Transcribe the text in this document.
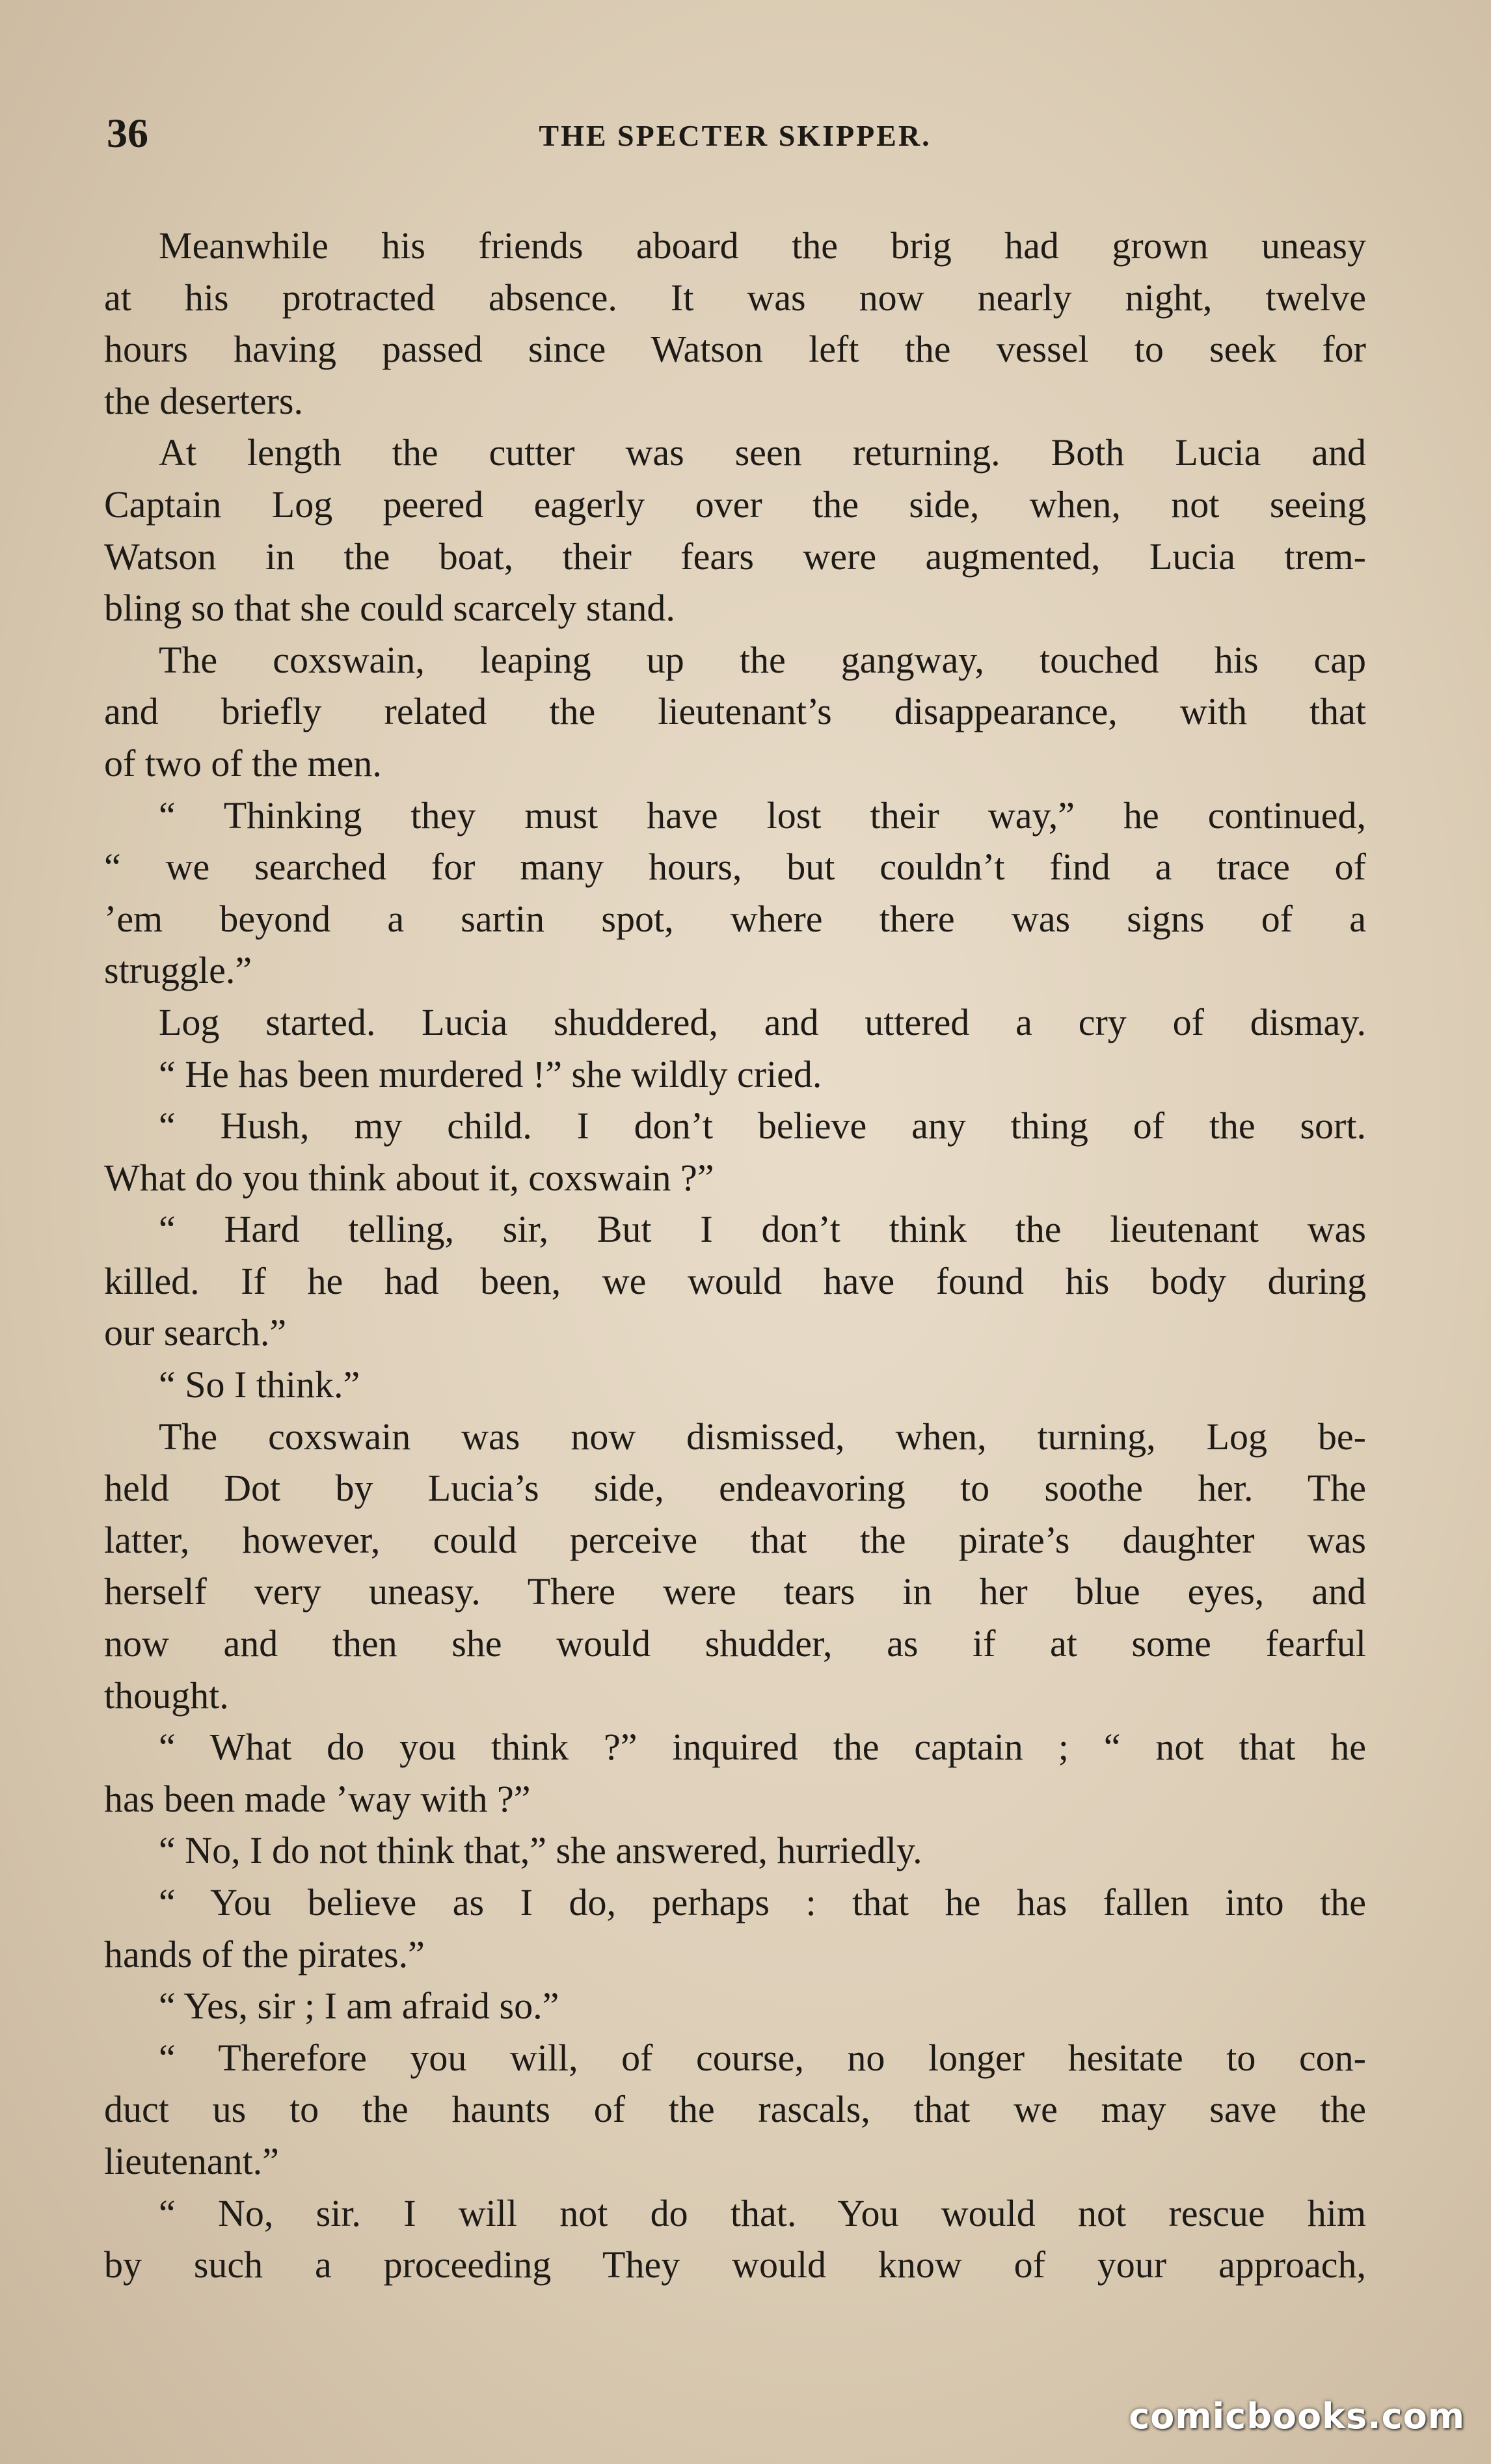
36	THE SPECTER SKIPPER.
Meanwhile his friends aboard the brig had grown uneasy
at his protracted absence. It was now nearly night, twelve
hours having passed since Watson left the vessel to seek for
the deserters.
At length the cutter was seen returning. Both Lucia and
Captain Log peered eagerly over the side, when, not seeing
Watson in the boat, their fears were augmented, Lucia trem-
bling so that she could scarcely stand.
The coxswain, leaping up the gangway, touched his cap
and briefly related the lieutenant’s disappearance, with that
of two of the men.
“ Thinking they must have lost their way,” he continued,
“ we searched for many hours, but couldn’t find a trace of
’em beyond a sartin spot, where there was signs of a
struggle.”
Log started. Lucia shuddered, and uttered a cry of dismay.
“ He has been murdered !” she wildly cried.
“ Hush, my child. I don’t believe any thing of the sort.
What do you think about it, coxswain ?”
“ Hard telling, sir, But I don’t think the lieutenant was
killed. If he had been, we would have found his body during
our search.”
“ So I think.”
The coxswain was now dismissed, when, turning, Log be-
held Dot by Lucia’s side, endeavoring to soothe her. The
latter, however, could perceive that the pirate’s daughter was
herself very uneasy. There were tears in her blue eyes, and
now and then she would shudder, as if at some fearful
thought.
“ What do you think ?” inquired the captain ; “ not that he
has been made ’way with ?”
“ No, I do not think that,” she answered, hurriedly.
“ You believe as I do, perhaps : that he has fallen into the
hands of the pirates.”
“ Yes, sir ; I am afraid so.”
“ Therefore you will, of course, no longer hesitate to con-
duct us to the haunts of the rascals, that we may save the
lieutenant.”
“ No, sir. I will not do that. You would not rescue him
by such a proceeding They would know of your approach,
comicbooks.com
